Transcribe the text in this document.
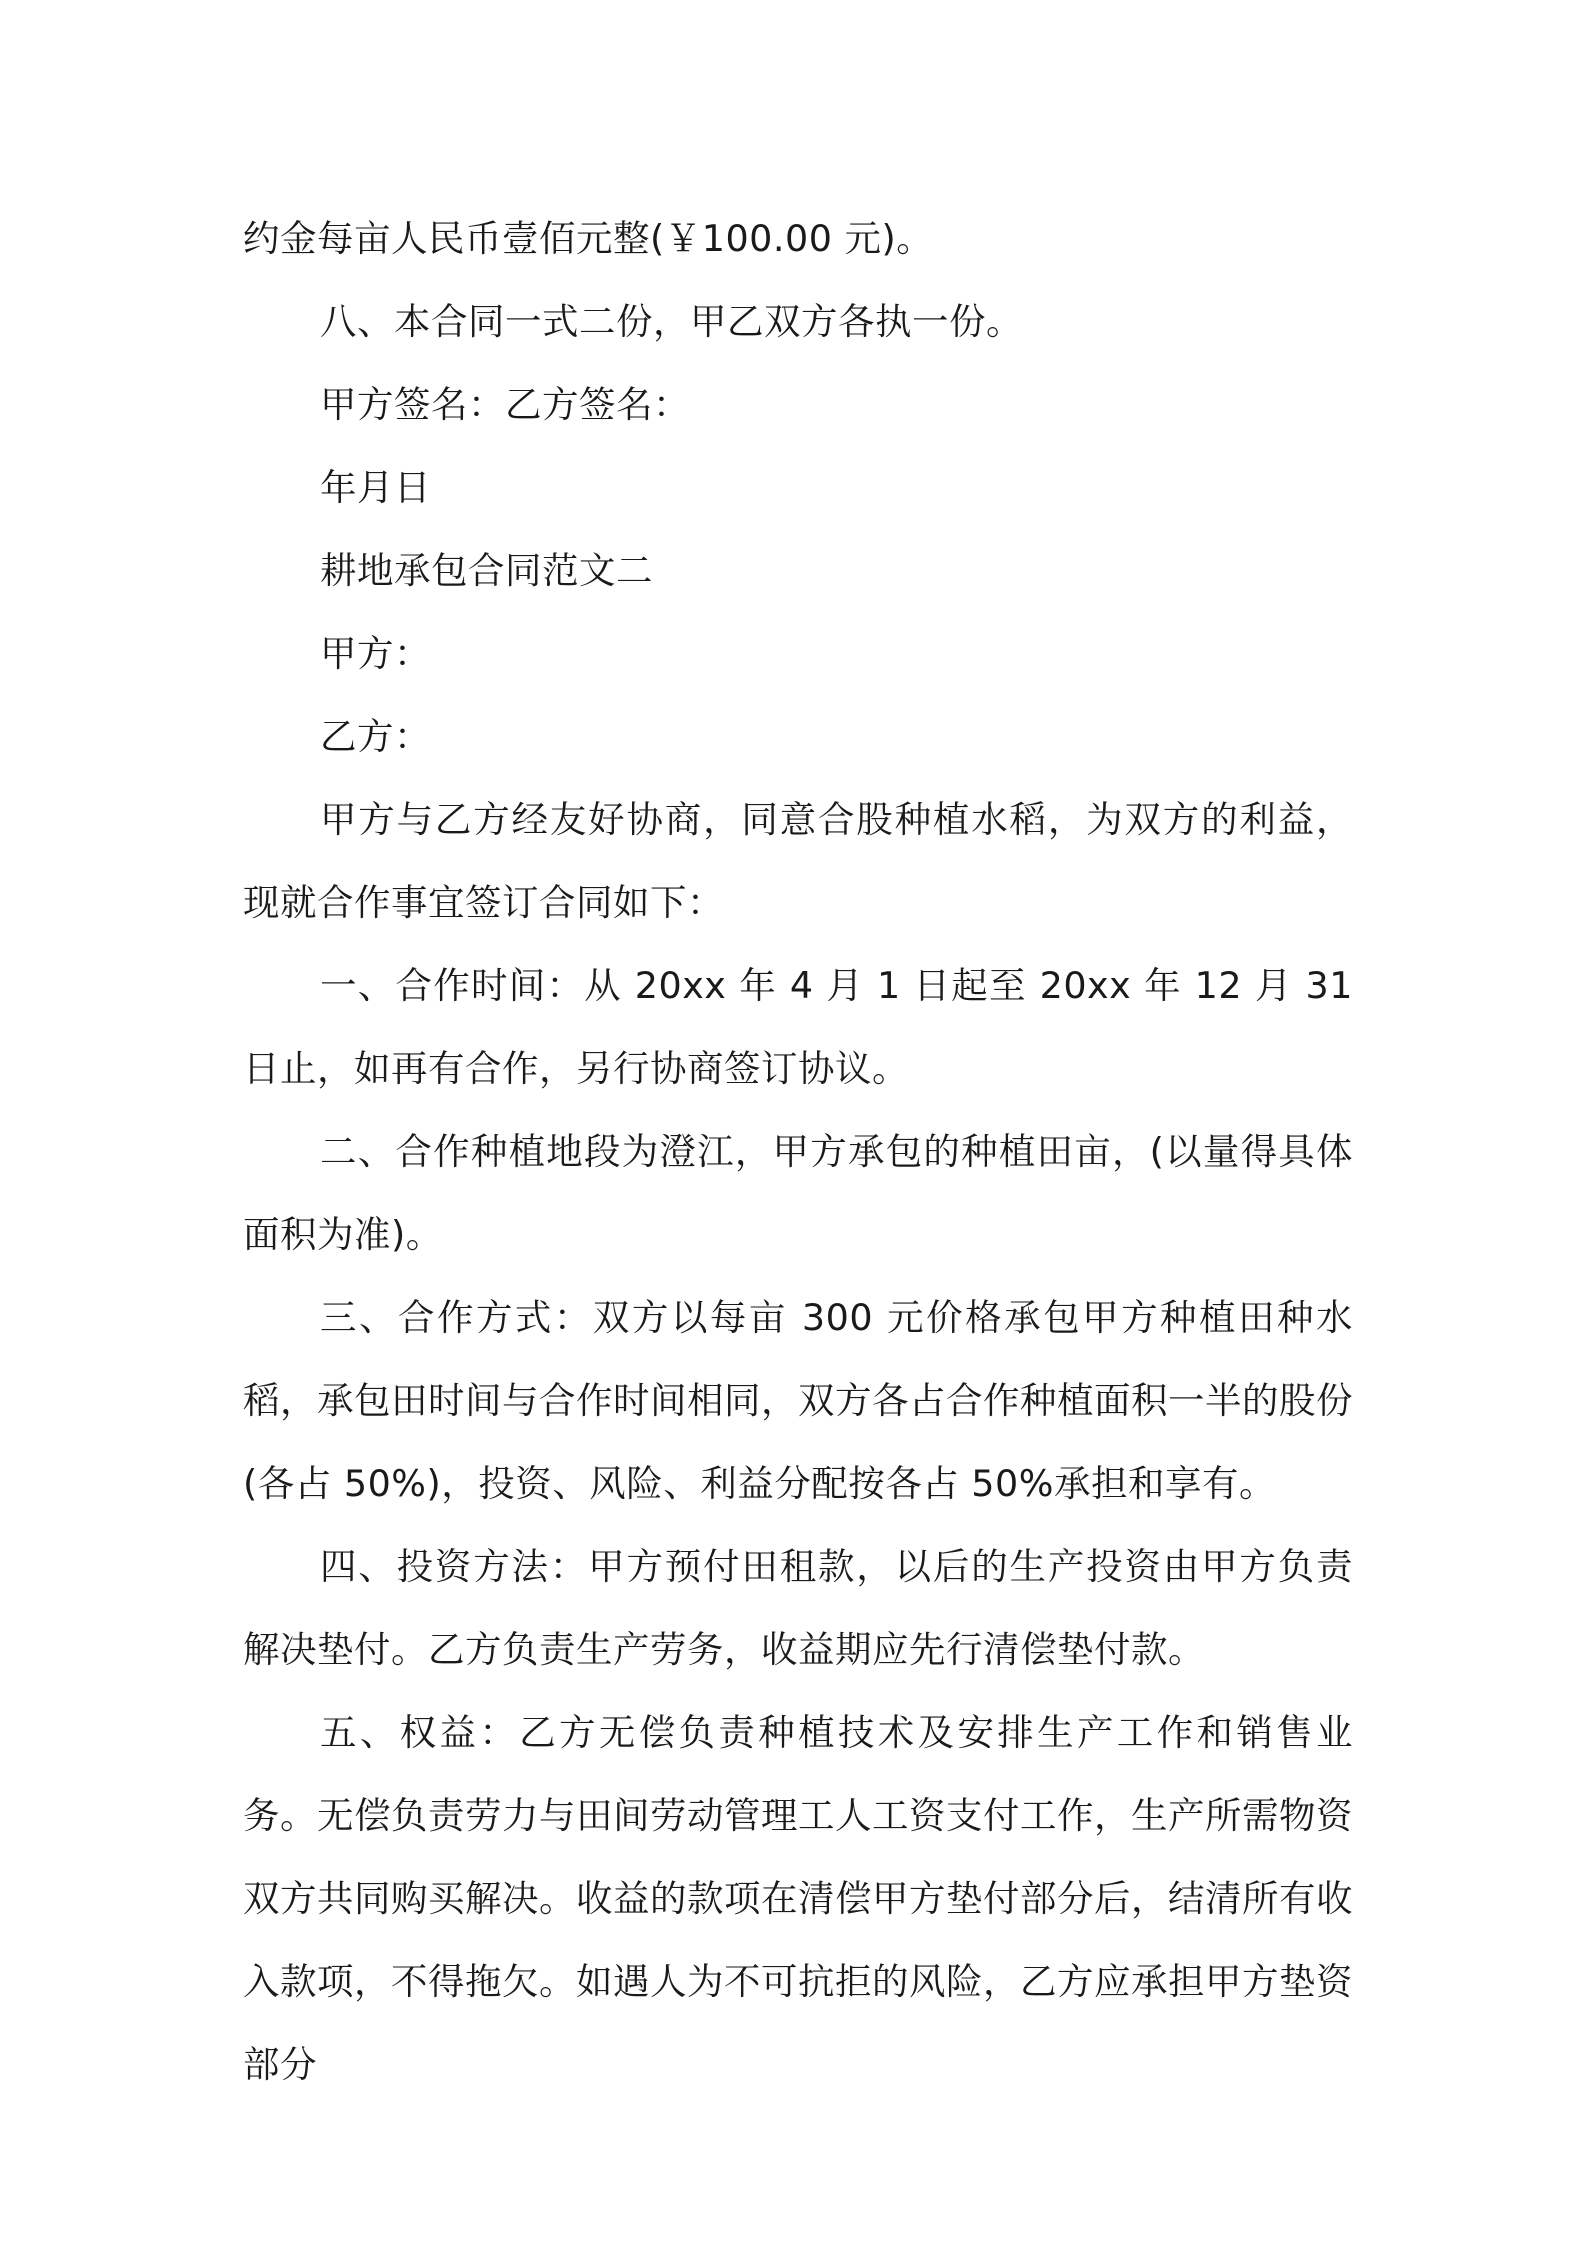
约金每亩人民币壹佰元整(￥100.00 元)。

八、本合同一式二份，甲乙双方各执一份。

甲方签名：乙方签名：

年月日

耕地承包合同范文二

甲方：

乙方：

甲方与乙方经友好协商，同意合股种植水稻，为双方的利益，现就合作事宜签订合同如下：

一、合作时间：从 20xx 年 4 月 1 日起至 20xx 年 12 月 31 日止，如再有合作，另行协商签订协议。

二、合作种植地段为澄江，甲方承包的种植田亩，(以量得具体面积为准)。

三、合作方式：双方以每亩 300 元价格承包甲方种植田种水稻，承包田时间与合作时间相同，双方各占合作种植面积一半的股份(各占 50%)，投资、风险、利益分配按各占 50%承担和享有。

四、投资方法：甲方预付田租款，以后的生产投资由甲方负责解决垫付。乙方负责生产劳务，收益期应先行清偿垫付款。

五、权益：乙方无偿负责种植技术及安排生产工作和销售业务。无偿负责劳力与田间劳动管理工人工资支付工作，生产所需物资双方共同购买解决。收益的款项在清偿甲方垫付部分后，结清所有收入款项，不得拖欠。如遇人为不可抗拒的风险，乙方应承担甲方垫资部分
